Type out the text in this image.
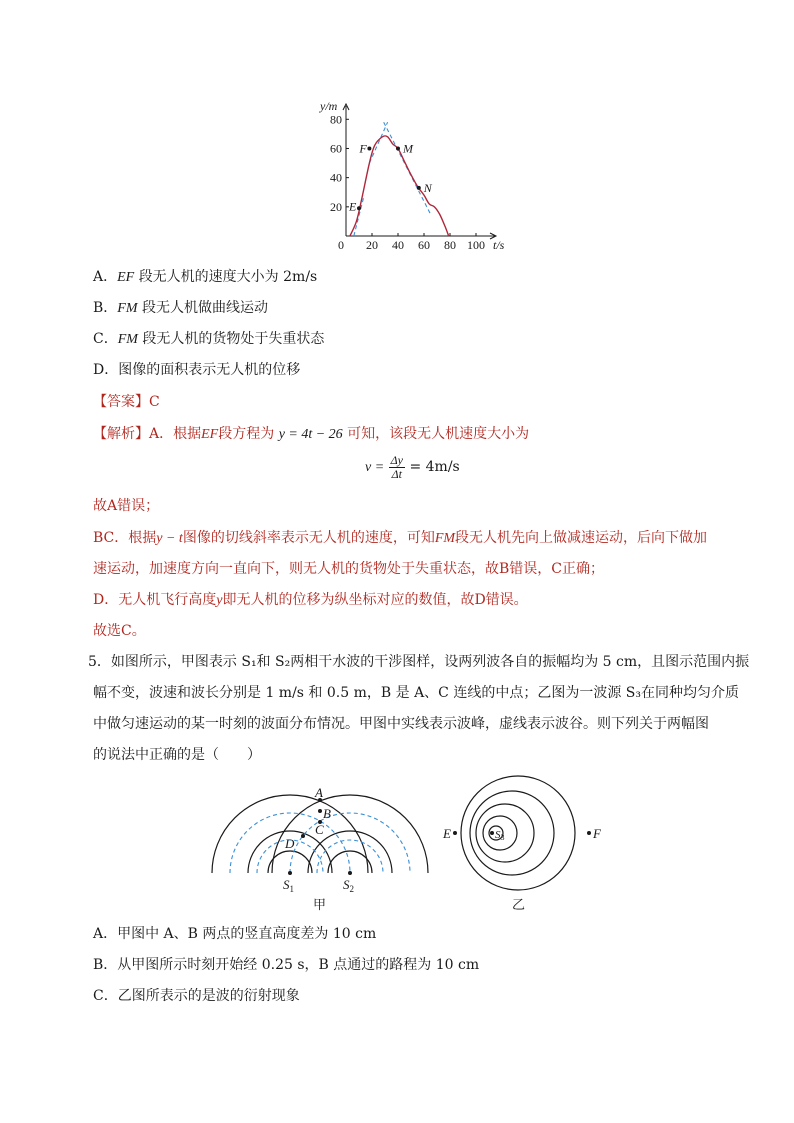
0 20 40 60 80 100
20
40
60
80
y/m
t/s
E
F	M
N
A．EF 段无人机的速度大小为 2m/s
B．FM 段无人机做曲线运动
C．FM 段无人机的货物处于失重状态
D．图像的面积表示无人机的位移
【答案】C
【解析】A．根据EF段方程为 y = 4t − 26 可知，该段无人机速度大小为
$v = \frac{\Delta y}{\Delta t} = 4m/s$
故A错误；
BC．根据y − t图像的切线斜率表示无人机的速度，可知FM段无人机先向上做减速运动，后向下做加
速运动，加速度方向一直向下，则无人机的货物处于失重状态，故B错误，C正确；
D．无人机飞行高度y即无人机的位移为纵坐标对应的数值，故D错误。
故选C。
5．如图所示，甲图表示 S₁和 S₂两相干水波的干涉图样，设两列波各自的振幅均为 5 cm，且图示范围内振
幅不变，波速和波长分别是 1 m/s 和 0.5 m，B 是 A、C 连线的中点；乙图为一波源 S₃在同种均匀介质
中做匀速运动的某一时刻的波面分布情况。甲图中实线表示波峰，虚线表示波谷。则下列关于两幅图
的说法中正确的是（　　）
A
B
C
D
$S_1$	$S_2$
甲
E	F
S3
乙
A．甲图中 A、B 两点的竖直高度差为 10 cm
B．从甲图所示时刻开始经 0.25 s，B 点通过的路程为 10 cm
C．乙图所表示的是波的衍射现象
